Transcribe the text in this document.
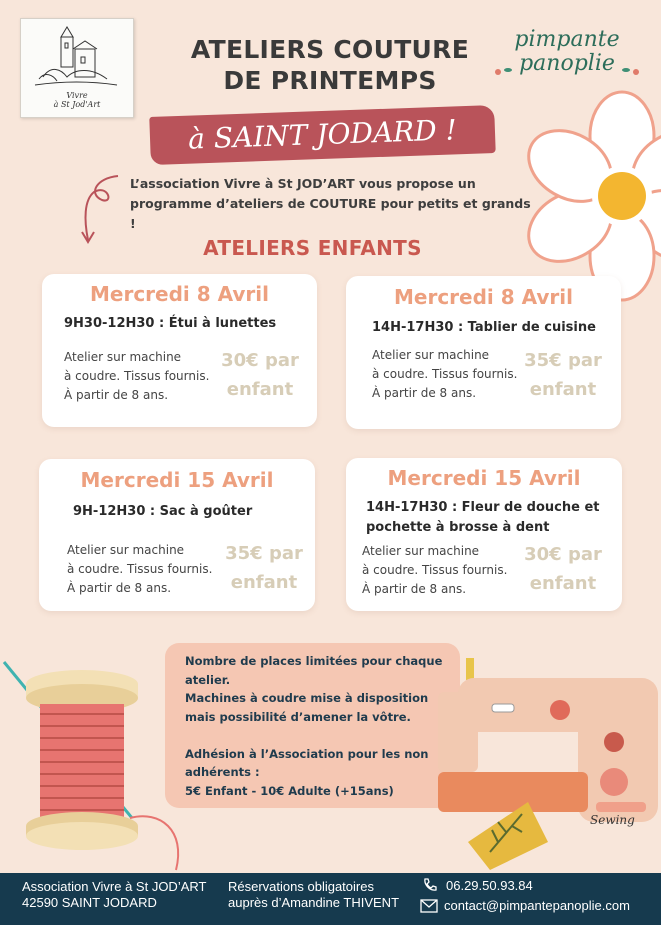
Vivre
à St Jod'Art
ATELIERS COUTURE
DE PRINTEMPS
pimpante
panoplie
à SAINT JODARD !
L’association Vivre à St JOD’ART vous propose un
programme d’ateliers de COUTURE pour petits et grands !
ATELIERS ENFANTS
Mercredi 8 Avril
9H30-12H30 : Étui à lunettes
Atelier sur machine
à coudre. Tissus fournis.
À partir de 8 ans.
30€ par
enfant
Mercredi 8 Avril
14H-17H30 : Tablier de cuisine
Atelier sur machine
à coudre. Tissus fournis.
À partir de 8 ans.
35€ par
enfant
Mercredi 15 Avril
9H-12H30 : Sac à goûter
Atelier sur machine
à coudre. Tissus fournis.
À partir de 8 ans.
35€ par
enfant
Mercredi 15 Avril
14H-17H30 : Fleur de douche et
pochette à brosse à dent
Atelier sur machine
à coudre. Tissus fournis.
À partir de 8 ans.
30€ par
enfant
Nombre de places limitées pour chaque
atelier.
Machines à coudre mise à disposition
mais possibilité d’amener la vôtre.
Adhésion à l’Association pour les non
adhérents :
5€ Enfant - 10€ Adulte (+15ans)
Sewing
Association Vivre à St JOD’ART
42590 SAINT JODARD
Réservations obligatoires
auprès d’Amandine THIVENT
06.29.50.93.84
contact@pimpantepanoplie.com
